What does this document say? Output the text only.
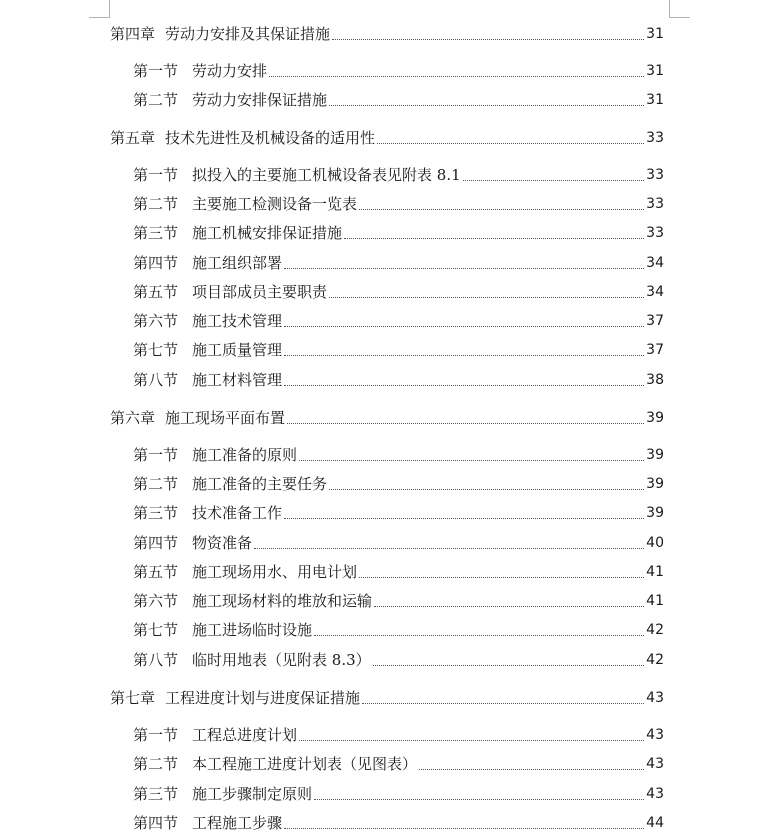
第四章 劳动力安排及其保证措施	31
第一节 劳动力安排	31
第二节 劳动力安排保证措施	31
第五章 技术先进性及机械设备的适用性	33
第一节 拟投入的主要施工机械设备表见附表 8.1	33
第二节 主要施工检测设备一览表	33
第三节 施工机械安排保证措施	33
第四节 施工组织部署	34
第五节 项目部成员主要职责	34
第六节 施工技术管理	37
第七节 施工质量管理	37
第八节 施工材料管理	38
第六章 施工现场平面布置	39
第一节 施工准备的原则	39
第二节 施工准备的主要任务	39
第三节 技术准备工作	39
第四节 物资准备	40
第五节 施工现场用水、用电计划	41
第六节 施工现场材料的堆放和运输	41
第七节 施工进场临时设施	42
第八节 临时用地表（见附表 8.3）	42
第七章 工程进度计划与进度保证措施	43
第一节 工程总进度计划	43
第二节 本工程施工进度计划表（见图表）	43
第三节 施工步骤制定原则	43
第四节 工程施工步骤	44
